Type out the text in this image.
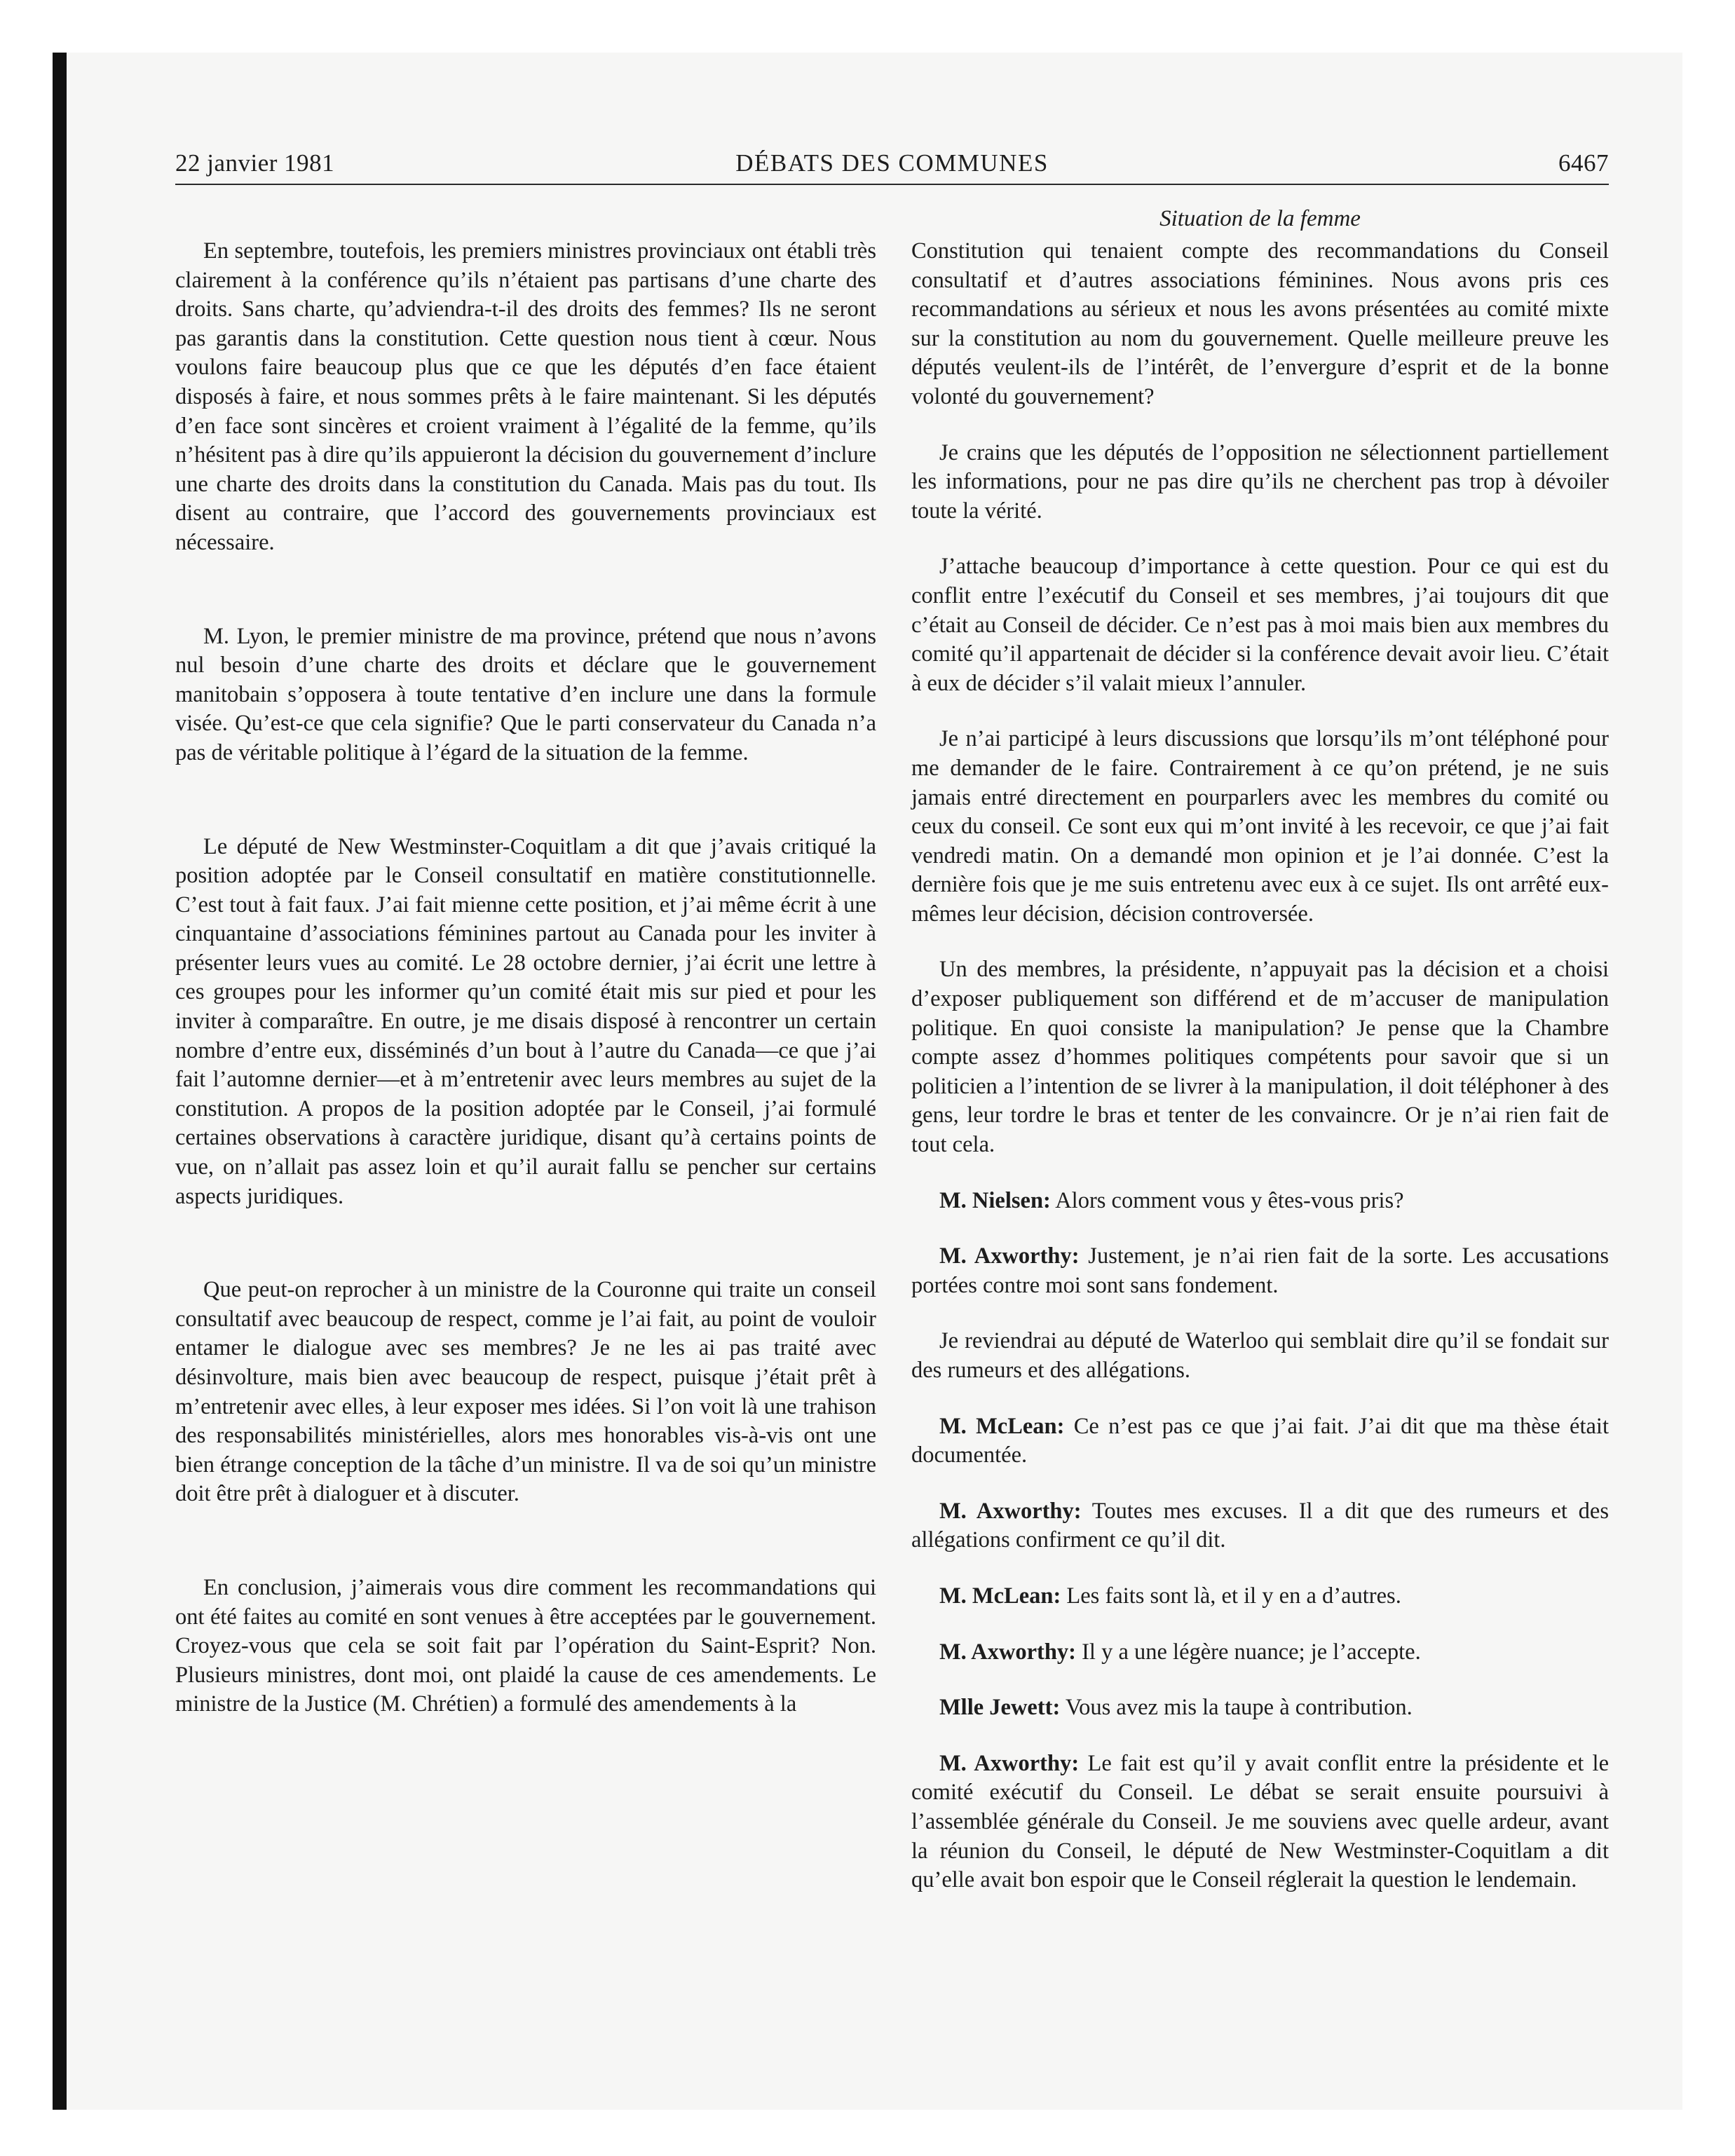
22 janvier 1981	DÉBATS DES COMMUNES	6467
Situation de la femme

En septembre, toutefois, les premiers ministres provinciaux ont établi très clairement à la conférence qu’ils n’étaient pas partisans d’une charte des droits. Sans charte, qu’adviendra-t-il des droits des femmes? Ils ne seront pas garantis dans la constitution. Cette question nous tient à cœur. Nous voulons faire beaucoup plus que ce que les députés d’en face étaient disposés à faire, et nous sommes prêts à le faire maintenant. Si les députés d’en face sont sincères et croient vraiment à l’égalité de la femme, qu’ils n’hésitent pas à dire qu’ils appuieront la décision du gouvernement d’inclure une charte des droits dans la constitution du Canada. Mais pas du tout. Ils disent au contraire, que l’accord des gouvernements provinciaux est nécessaire.

M. Lyon, le premier ministre de ma province, prétend que nous n’avons nul besoin d’une charte des droits et déclare que le gouvernement manitobain s’opposera à toute tentative d’en inclure une dans la formule visée. Qu’est-ce que cela signifie? Que le parti conservateur du Canada n’a pas de véritable politique à l’égard de la situation de la femme.

Le député de New Westminster-Coquitlam a dit que j’avais critiqué la position adoptée par le Conseil consultatif en matière constitutionnelle. C’est tout à fait faux. J’ai fait mienne cette position, et j’ai même écrit à une cinquantaine d’associations féminines partout au Canada pour les inviter à présenter leurs vues au comité. Le 28 octobre dernier, j’ai écrit une lettre à ces groupes pour les informer qu’un comité était mis sur pied et pour les inviter à comparaître. En outre, je me disais disposé à rencontrer un certain nombre d’entre eux, disséminés d’un bout à l’autre du Canada—ce que j’ai fait l’automne dernier—et à m’entretenir avec leurs membres au sujet de la constitution. A propos de la position adoptée par le Conseil, j’ai formulé certaines observations à caractère juridique, disant qu’à certains points de vue, on n’allait pas assez loin et qu’il aurait fallu se pencher sur certains aspects juridiques.

Que peut-on reprocher à un ministre de la Couronne qui traite un conseil consultatif avec beaucoup de respect, comme je l’ai fait, au point de vouloir entamer le dialogue avec ses membres? Je ne les ai pas traité avec désinvolture, mais bien avec beaucoup de respect, puisque j’était prêt à m’entretenir avec elles, à leur exposer mes idées. Si l’on voit là une trahison des responsabilités ministérielles, alors mes honorables vis-à-vis ont une bien étrange conception de la tâche d’un ministre. Il va de soi qu’un ministre doit être prêt à dialoguer et à discuter.

En conclusion, j’aimerais vous dire comment les recommandations qui ont été faites au comité en sont venues à être acceptées par le gouvernement. Croyez-vous que cela se soit fait par l’opération du Saint-Esprit? Non. Plusieurs ministres, dont moi, ont plaidé la cause de ces amendements. Le ministre de la Justice (M. Chrétien) a formulé des amendements à la

Constitution qui tenaient compte des recommandations du Conseil consultatif et d’autres associations féminines. Nous avons pris ces recommandations au sérieux et nous les avons présentées au comité mixte sur la constitution au nom du gouvernement. Quelle meilleure preuve les députés veulent-ils de l’intérêt, de l’envergure d’esprit et de la bonne volonté du gouvernement?

Je crains que les députés de l’opposition ne sélectionnent partiellement les informations, pour ne pas dire qu’ils ne cherchent pas trop à dévoiler toute la vérité.

J’attache beaucoup d’importance à cette question. Pour ce qui est du conflit entre l’exécutif du Conseil et ses membres, j’ai toujours dit que c’était au Conseil de décider. Ce n’est pas à moi mais bien aux membres du comité qu’il appartenait de décider si la conférence devait avoir lieu. C’était à eux de décider s’il valait mieux l’annuler.

Je n’ai participé à leurs discussions que lorsqu’ils m’ont téléphoné pour me demander de le faire. Contrairement à ce qu’on prétend, je ne suis jamais entré directement en pourparlers avec les membres du comité ou ceux du conseil. Ce sont eux qui m’ont invité à les recevoir, ce que j’ai fait vendredi matin. On a demandé mon opinion et je l’ai donnée. C’est la dernière fois que je me suis entretenu avec eux à ce sujet. Ils ont arrêté eux-mêmes leur décision, décision controversée.

Un des membres, la présidente, n’appuyait pas la décision et a choisi d’exposer publiquement son différend et de m’accuser de manipulation politique. En quoi consiste la manipulation? Je pense que la Chambre compte assez d’hommes politiques compétents pour savoir que si un politicien a l’intention de se livrer à la manipulation, il doit téléphoner à des gens, leur tordre le bras et tenter de les convaincre. Or je n’ai rien fait de tout cela.

M. Nielsen: Alors comment vous y êtes-vous pris?

M. Axworthy: Justement, je n’ai rien fait de la sorte. Les accusations portées contre moi sont sans fondement.

Je reviendrai au député de Waterloo qui semblait dire qu’il se fondait sur des rumeurs et des allégations.

M. McLean: Ce n’est pas ce que j’ai fait. J’ai dit que ma thèse était documentée.

M. Axworthy: Toutes mes excuses. Il a dit que des rumeurs et des allégations confirment ce qu’il dit.

M. McLean: Les faits sont là, et il y en a d’autres.

M. Axworthy: Il y a une légère nuance; je l’accepte.

Mlle Jewett: Vous avez mis la taupe à contribution.

M. Axworthy: Le fait est qu’il y avait conflit entre la présidente et le comité exécutif du Conseil. Le débat se serait ensuite poursuivi à l’assemblée générale du Conseil. Je me souviens avec quelle ardeur, avant la réunion du Conseil, le député de New Westminster-Coquitlam a dit qu’elle avait bon espoir que le Conseil réglerait la question le lendemain.
